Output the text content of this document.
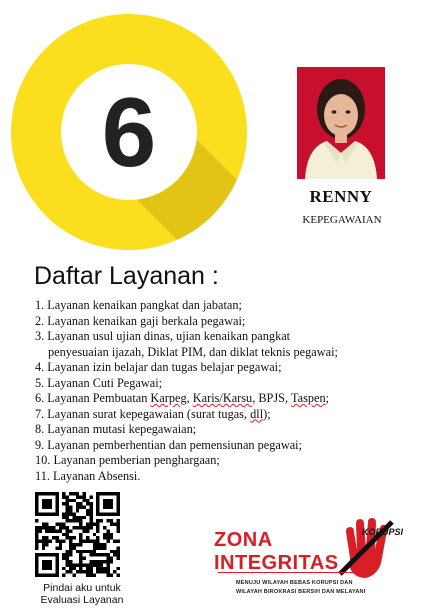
6
RENNY
KEPEGAWAIAN
Daftar Layanan :
1. Layanan kenaikan pangkat dan jabatan;
2. Layanan kenaikan gaji berkala pegawai;
3. Layanan usul ujian dinas, ujian kenaikan pangkat
penyesuaian ijazah, Diklat PIM, dan diklat teknis pegawai;
4. Layanan izin belajar dan tugas belajar pegawai;
5. Layanan Cuti Pegawai;
6. Layanan Pembuatan Karpeg, Karis/Karsu, BPJS, Taspen;
7. Layanan surat kepegawaian (surat tugas, dll);
8. Layanan mutasi kepegawaian;
9. Layanan pemberhentian dan pemensiunan pegawai;
10. Layanan pemberian penghargaan;
11. Layanan Absensi.
Pindai aku untuk
Evaluasi Layanan
ZONA
INTEGRITAS
KORUPSI
MENUJU WILAYAH BEBAS KORUPSI DAN
WILAYAH BIROKRASI BERSIH DAN MELAYANI
